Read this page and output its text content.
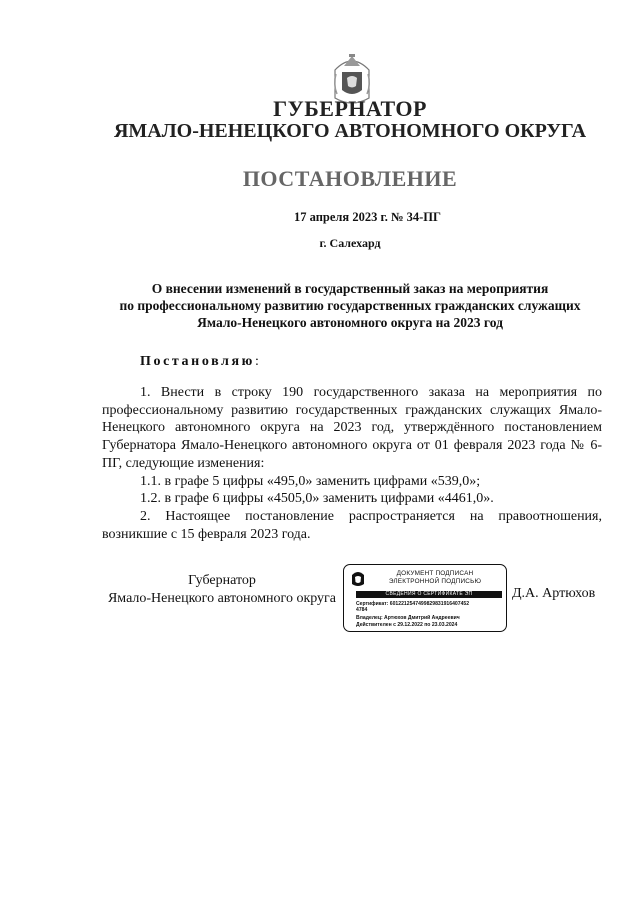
ГУБЕРНАТОР
ЯМАЛО-НЕНЕЦКОГО АВТОНОМНОГО ОКРУГА
ПОСТАНОВЛЕНИЕ
17 апреля 2023 г. № 34-ПГ
г. Салехард
О внесении изменений в государственный заказ на мероприятия
по профессиональному развитию государственных гражданских служащих
Ямало-Ненецкого автономного округа на 2023 год
Постановляю:

1. Внести в строку 190 государственного заказа на мероприятия по профессиональному развитию государственных гражданских служащих Ямало-Ненецкого автономного округа на 2023 год, утверждённого постановлением Губернатора Ямало-Ненецкого автономного округа от 01 февраля 2023 года № 6-ПГ, следующие изменения:

1.1. в графе 5 цифры «495,0» заменить цифрами «539,0»;

1.2. в графе 6 цифры «4505,0» заменить цифрами «4461,0».

2. Настоящее постановление распространяется на правоотношения, возникшие с 15 февраля 2023 года.

Губернатор
Ямало-Ненецкого автономного округа
ДОКУМЕНТ ПОДПИСАН
ЭЛЕКТРОННОЙ ПОДПИСЬЮ
СВЕДЕНИЯ О СЕРТИФИКАТЕ ЭП
Сертификат: 6012212547499829831916407452
4784
Владелец: Артюхов Дмитрий Андреевич
Действителен с 29.12.2022 по 23.03.2024
Д.А. Артюхов
